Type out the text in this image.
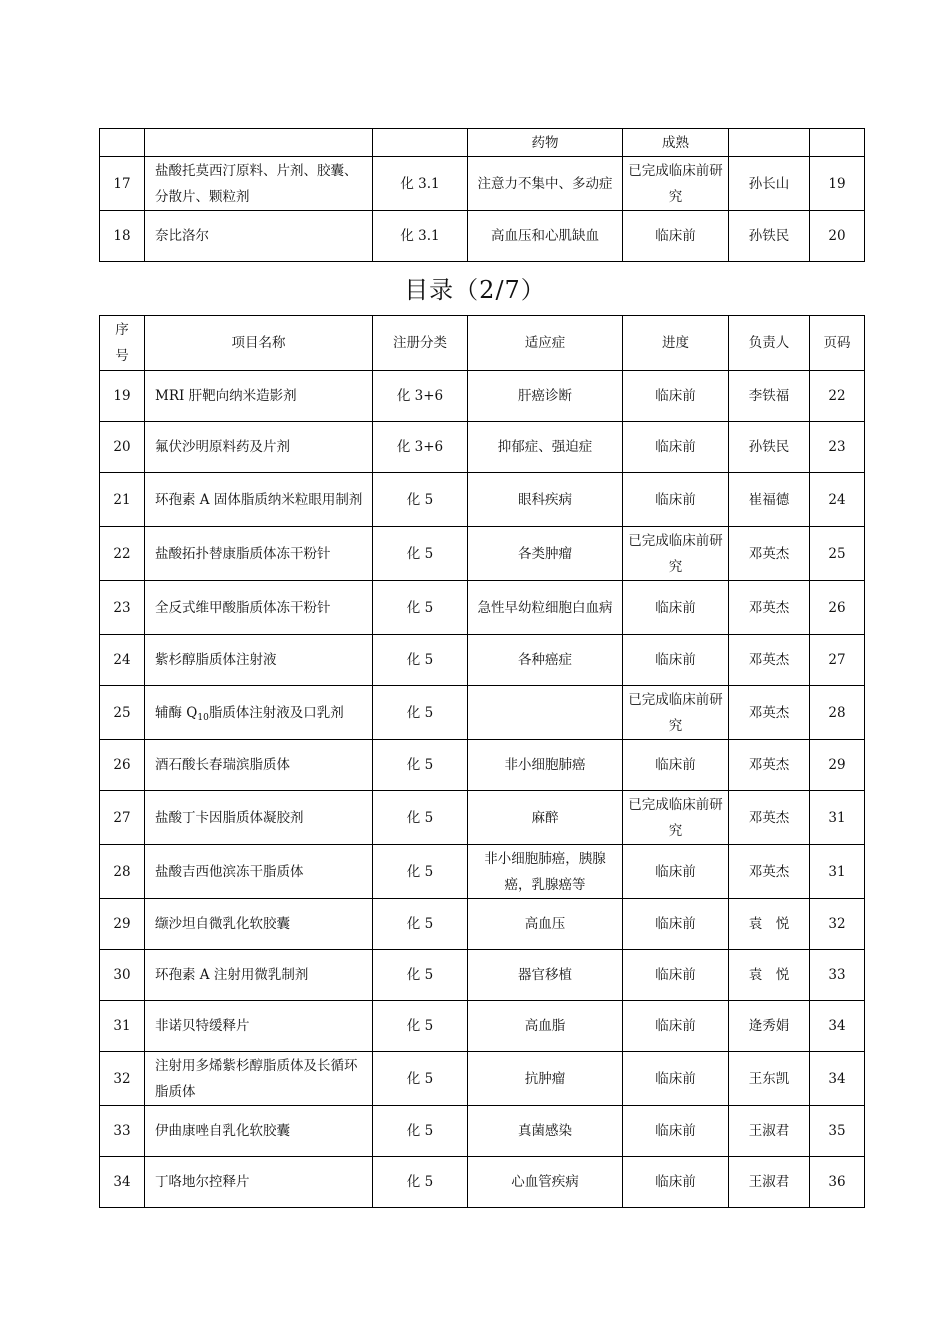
			药物	成熟		
17	盐酸托莫西汀原料、片剂、胶囊、分散片、颗粒剂	化 3.1	注意力不集中、多动症	已完成临床前研究	孙长山	19
18	奈比洛尔	化 3.1	高血压和心肌缺血	临床前	孙铁民	20
目录（2/7）
序号	项目名称	注册分类	适应症	进度	负责人	页码
19	MRI 肝靶向纳米造影剂	化 3+6	肝癌诊断	临床前	李铁福	22
20	氟伏沙明原料药及片剂	化 3+6	抑郁症、强迫症	临床前	孙铁民	23
21	环孢素 A 固体脂质纳米粒眼用制剂	化 5	眼科疾病	临床前	崔福德	24
22	盐酸拓扑替康脂质体冻干粉针	化 5	各类肿瘤	已完成临床前研究	邓英杰	25
23	全反式维甲酸脂质体冻干粉针	化 5	急性早幼粒细胞白血病	临床前	邓英杰	26
24	紫杉醇脂质体注射液	化 5	各种癌症	临床前	邓英杰	27
25	辅酶 $Q_{10}$脂质体注射液及口乳剂	化 5		已完成临床前研究	邓英杰	28
26	酒石酸长春瑞滨脂质体	化 5	非小细胞肺癌	临床前	邓英杰	29
27	盐酸丁卡因脂质体凝胶剂	化 5	麻醉	已完成临床前研究	邓英杰	31
28	盐酸吉西他滨冻干脂质体	化 5	非小细胞肺癌，胰腺癌，乳腺癌等	临床前	邓英杰	31
29	缬沙坦自微乳化软胶囊	化 5	高血压	临床前	袁　悦	32
30	环孢素 A 注射用微乳制剂	化 5	器官移植	临床前	袁　悦	33
31	非诺贝特缓释片	化 5	高血脂	临床前	逄秀娟	34
32	注射用多烯紫杉醇脂质体及长循环脂质体	化 5	抗肿瘤	临床前	王东凯	34
33	伊曲康唑自乳化软胶囊	化 5	真菌感染	临床前	王淑君	35
34	丁咯地尔控释片	化 5	心血管疾病	临床前	王淑君	36
